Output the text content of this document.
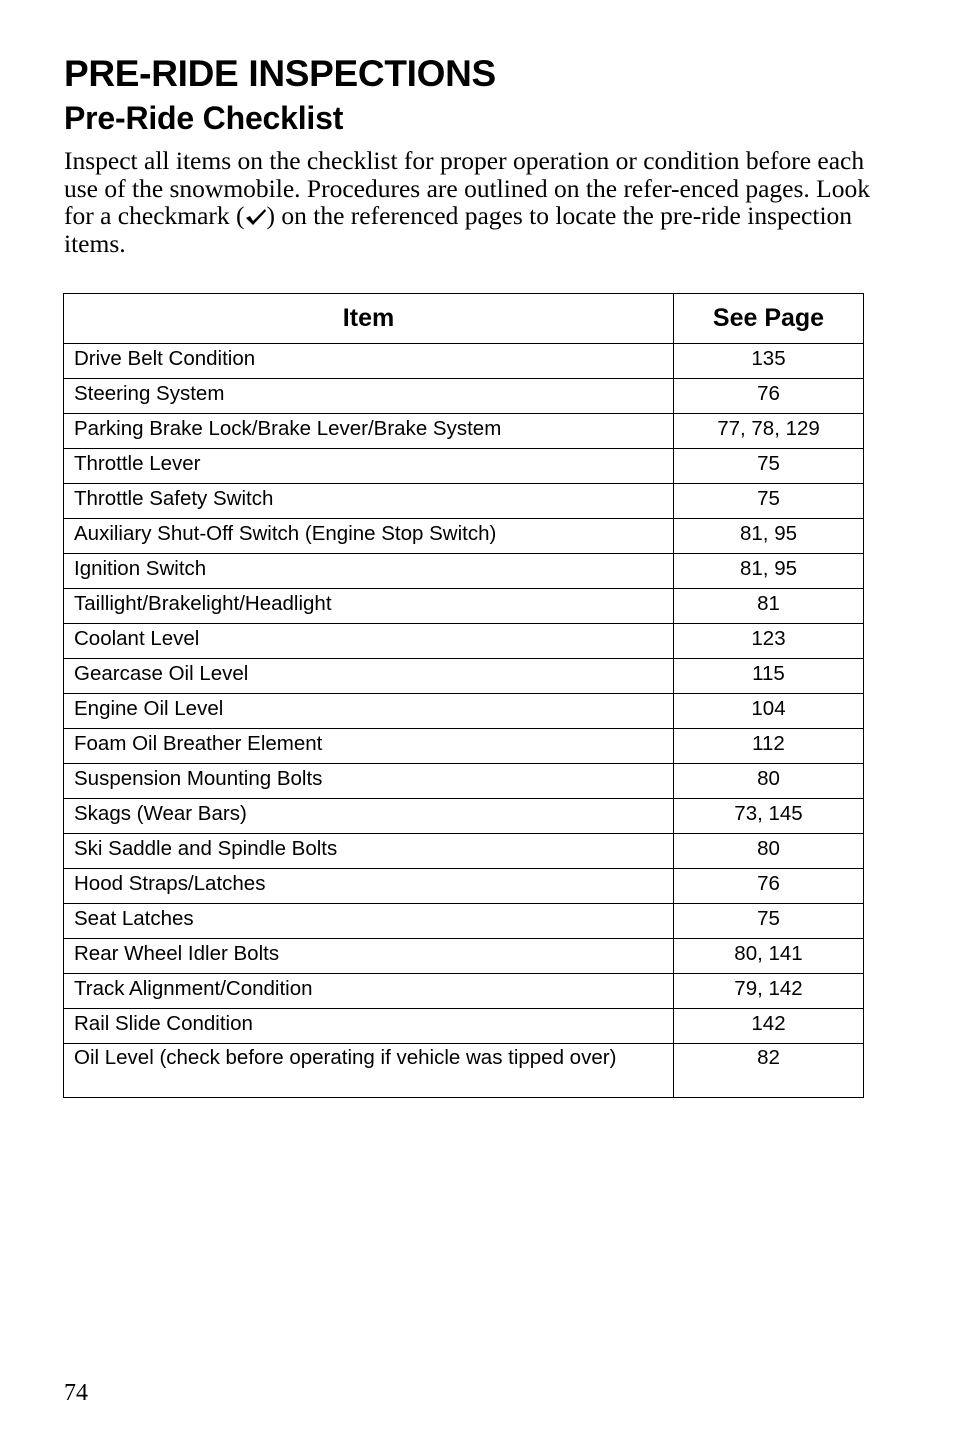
PRE-RIDE INSPECTIONS
Pre-Ride Checklist

Inspect all items on the checklist for proper operation or condition before each use of the snowmobile. Procedures are outlined on the refer-enced pages. Look for a checkmark ( ) on the referenced pages to locate the pre-ride inspection items.

Item	See Page

Drive Belt Condition	135

Steering System	76

Parking Brake Lock/Brake Lever/Brake System	77, 78, 129

Throttle Lever	75

Throttle Safety Switch	75

Auxiliary Shut-Off Switch (Engine Stop Switch)	81, 95

Ignition Switch	81, 95

Taillight/Brakelight/Headlight	81

Coolant Level	123

Gearcase Oil Level	115

Engine Oil Level	104

Foam Oil Breather Element	112

Suspension Mounting Bolts	80

Skags (Wear Bars)	73, 145

Ski Saddle and Spindle Bolts	80

Hood Straps/Latches	76

Seat Latches	75

Rear Wheel Idler Bolts	80, 141

Track Alignment/Condition	79, 142

Rail Slide Condition	142

Oil Level (check before operating if vehicle was tipped over)	82
74
